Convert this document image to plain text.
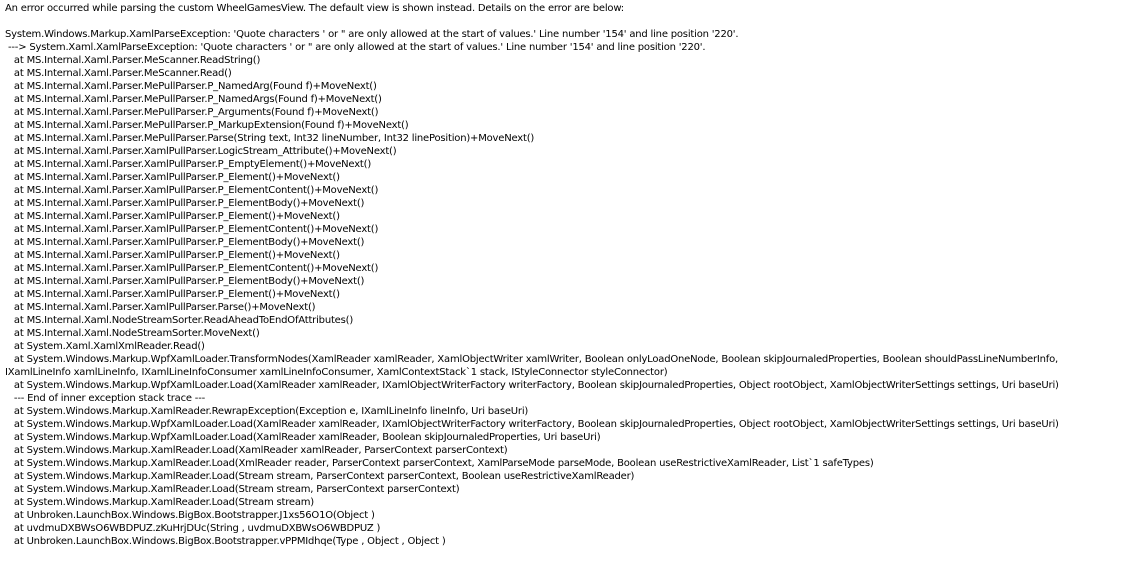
An error occurred while parsing the custom WheelGamesView. The default view is shown instead. Details on the error are below:
System.Windows.Markup.XamlParseException: 'Quote characters ' or " are only allowed at the start of values.' Line number '154' and line position '220'.
---> System.Xaml.XamlParseException: 'Quote characters ' or " are only allowed at the start of values.' Line number '154' and line position '220'.
at MS.Internal.Xaml.Parser.MeScanner.ReadString()
at MS.Internal.Xaml.Parser.MeScanner.Read()
at MS.Internal.Xaml.Parser.MePullParser.P_NamedArg(Found f)+MoveNext()
at MS.Internal.Xaml.Parser.MePullParser.P_NamedArgs(Found f)+MoveNext()
at MS.Internal.Xaml.Parser.MePullParser.P_Arguments(Found f)+MoveNext()
at MS.Internal.Xaml.Parser.MePullParser.P_MarkupExtension(Found f)+MoveNext()
at MS.Internal.Xaml.Parser.MePullParser.Parse(String text, Int32 lineNumber, Int32 linePosition)+MoveNext()
at MS.Internal.Xaml.Parser.XamlPullParser.LogicStream_Attribute()+MoveNext()
at MS.Internal.Xaml.Parser.XamlPullParser.P_EmptyElement()+MoveNext()
at MS.Internal.Xaml.Parser.XamlPullParser.P_Element()+MoveNext()
at MS.Internal.Xaml.Parser.XamlPullParser.P_ElementContent()+MoveNext()
at MS.Internal.Xaml.Parser.XamlPullParser.P_ElementBody()+MoveNext()
at MS.Internal.Xaml.Parser.XamlPullParser.P_Element()+MoveNext()
at MS.Internal.Xaml.Parser.XamlPullParser.P_ElementContent()+MoveNext()
at MS.Internal.Xaml.Parser.XamlPullParser.P_ElementBody()+MoveNext()
at MS.Internal.Xaml.Parser.XamlPullParser.P_Element()+MoveNext()
at MS.Internal.Xaml.Parser.XamlPullParser.P_ElementContent()+MoveNext()
at MS.Internal.Xaml.Parser.XamlPullParser.P_ElementBody()+MoveNext()
at MS.Internal.Xaml.Parser.XamlPullParser.P_Element()+MoveNext()
at MS.Internal.Xaml.Parser.XamlPullParser.Parse()+MoveNext()
at MS.Internal.Xaml.NodeStreamSorter.ReadAheadToEndOfAttributes()
at MS.Internal.Xaml.NodeStreamSorter.MoveNext()
at System.Xaml.XamlXmlReader.Read()
at System.Windows.Markup.WpfXamlLoader.TransformNodes(XamlReader xamlReader, XamlObjectWriter xamlWriter, Boolean onlyLoadOneNode, Boolean skipJournaledProperties, Boolean shouldPassLineNumberInfo,
IXamlLineInfo xamlLineInfo, IXamlLineInfoConsumer xamlLineInfoConsumer, XamlContextStack`1 stack, IStyleConnector styleConnector)
at System.Windows.Markup.WpfXamlLoader.Load(XamlReader xamlReader, IXamlObjectWriterFactory writerFactory, Boolean skipJournaledProperties, Object rootObject, XamlObjectWriterSettings settings, Uri baseUri)
--- End of inner exception stack trace ---
at System.Windows.Markup.XamlReader.RewrapException(Exception e, IXamlLineInfo lineInfo, Uri baseUri)
at System.Windows.Markup.WpfXamlLoader.Load(XamlReader xamlReader, IXamlObjectWriterFactory writerFactory, Boolean skipJournaledProperties, Object rootObject, XamlObjectWriterSettings settings, Uri baseUri)
at System.Windows.Markup.WpfXamlLoader.Load(XamlReader xamlReader, Boolean skipJournaledProperties, Uri baseUri)
at System.Windows.Markup.XamlReader.Load(XamlReader xamlReader, ParserContext parserContext)
at System.Windows.Markup.XamlReader.Load(XmlReader reader, ParserContext parserContext, XamlParseMode parseMode, Boolean useRestrictiveXamlReader, List`1 safeTypes)
at System.Windows.Markup.XamlReader.Load(Stream stream, ParserContext parserContext, Boolean useRestrictiveXamlReader)
at System.Windows.Markup.XamlReader.Load(Stream stream, ParserContext parserContext)
at System.Windows.Markup.XamlReader.Load(Stream stream)
at Unbroken.LaunchBox.Windows.BigBox.Bootstrapper.J1xs56O1O(Object )
at uvdmuDXBWsO6WBDPUZ.zKuHrjDUc(String , uvdmuDXBWsO6WBDPUZ )
at Unbroken.LaunchBox.Windows.BigBox.Bootstrapper.vPPMIdhqe(Type , Object , Object )
